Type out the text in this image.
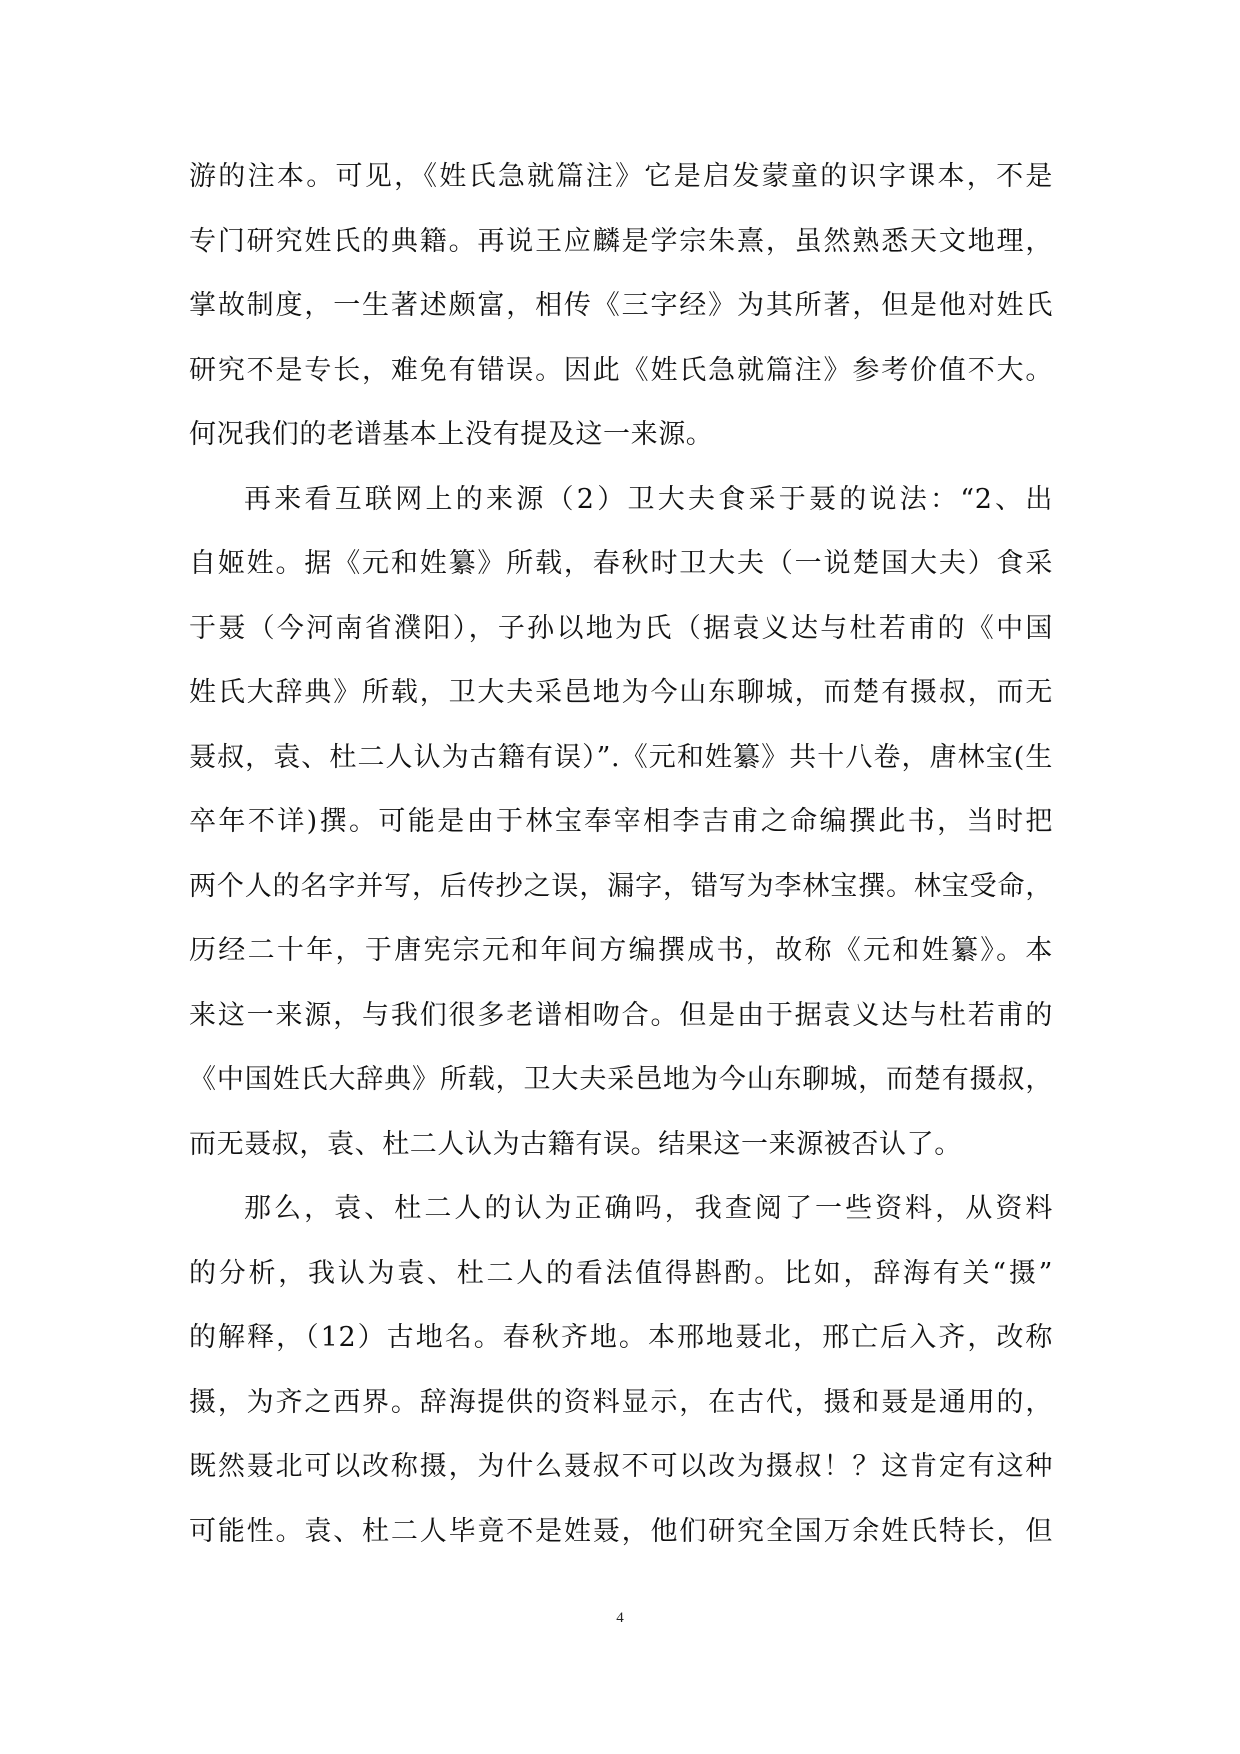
游的注本。可见，《姓氏急就篇注》它是启发蒙童的识字课本，不是
专门研究姓氏的典籍。再说王应麟是学宗朱熹，虽然熟悉天文地理，
掌故制度，一生著述颇富，相传《三字经》为其所著，但是他对姓氏
研究不是专长，难免有错误。因此《姓氏急就篇注》参考价值不大。
何况我们的老谱基本上没有提及这一来源。
再来看互联网上的来源（2）卫大夫食采于聂的说法：“2、出
自姬姓。据《元和姓纂》所载，春秋时卫大夫（一说楚国大夫）食采
于聂（今河南省濮阳），子孙以地为氏（据袁义达与杜若甫的《中国
姓氏大辞典》所载，卫大夫采邑地为今山东聊城，而楚有摄叔，而无
聂叔，袁、杜二人认为古籍有误）”.《元和姓纂》共十八卷，唐林宝(生
卒年不详)撰。可能是由于林宝奉宰相李吉甫之命编撰此书，当时把
两个人的名字并写，后传抄之误，漏字，错写为李林宝撰。林宝受命，
历经二十年，于唐宪宗元和年间方编撰成书，故称《元和姓纂》。本
来这一来源，与我们很多老谱相吻合。但是由于据袁义达与杜若甫的
《中国姓氏大辞典》所载，卫大夫采邑地为今山东聊城，而楚有摄叔，
而无聂叔，袁、杜二人认为古籍有误。结果这一来源被否认了。
那么，袁、杜二人的认为正确吗，我查阅了一些资料，从资料
的分析，我认为袁、杜二人的看法值得斟酌。比如，辞海有关“摄”
的解释，（12）古地名。春秋齐地。本邢地聂北，邢亡后入齐，改称
摄，为齐之西界。辞海提供的资料显示，在古代，摄和聂是通用的，
既然聂北可以改称摄，为什么聂叔不可以改为摄叔！？这肯定有这种
可能性。袁、杜二人毕竟不是姓聂，他们研究全国万余姓氏特长，但
4
